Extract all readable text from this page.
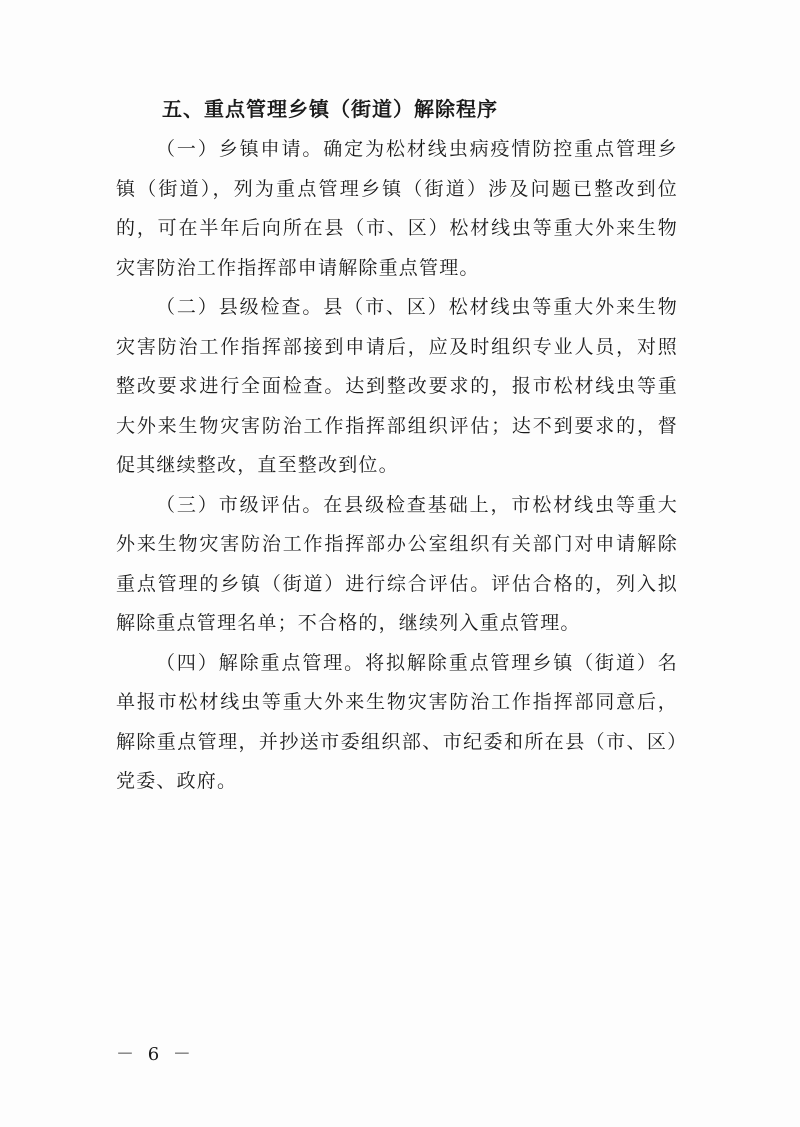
五、重点管理乡镇（街道）解除程序

（一）乡镇申请。确定为松材线虫病疫情防控重点管理乡镇（街道），列为重点管理乡镇（街道）涉及问题已整改到位的，可在半年后向所在县（市、区）松材线虫等重大外来生物灾害防治工作指挥部申请解除重点管理。

（二）县级检查。县（市、区）松材线虫等重大外来生物灾害防治工作指挥部接到申请后，应及时组织专业人员，对照整改要求进行全面检查。达到整改要求的，报市松材线虫等重大外来生物灾害防治工作指挥部组织评估；达不到要求的，督促其继续整改，直至整改到位。

（三）市级评估。在县级检查基础上，市松材线虫等重大外来生物灾害防治工作指挥部办公室组织有关部门对申请解除重点管理的乡镇（街道）进行综合评估。评估合格的，列入拟解除重点管理名单；不合格的，继续列入重点管理。

（四）解除重点管理。将拟解除重点管理乡镇（街道）名单报市松材线虫等重大外来生物灾害防治工作指挥部同意后，解除重点管理，并抄送市委组织部、市纪委和所在县（市、区）党委、政府。

－ 6 －
